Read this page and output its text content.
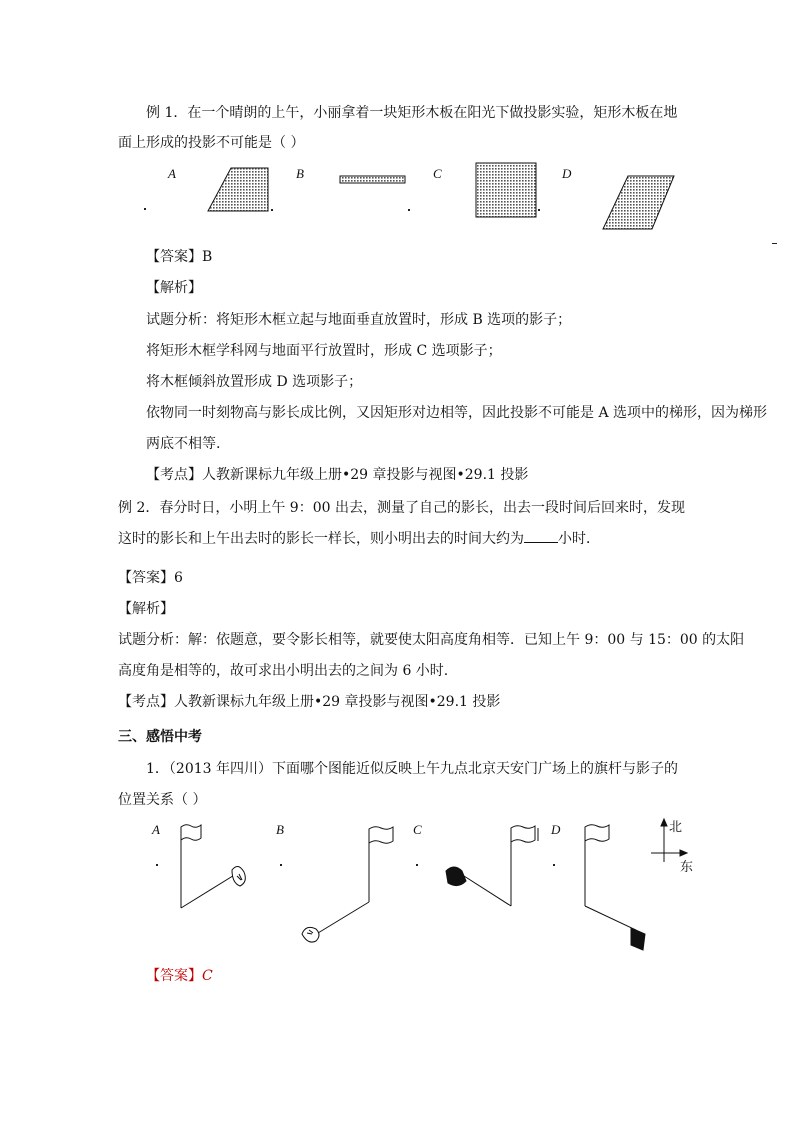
例 1．在一个晴朗的上午，小丽拿着一块矩形木板在阳光下做投影实验，矩形木板在地
面上形成的投影不可能是（ ）
A	B	C	D
【答案】B
【解析】
试题分析：将矩形木框立起与地面垂直放置时，形成 B 选项的影子；
将矩形木框学科网与地面平行放置时，形成 C 选项影子；
将木框倾斜放置形成 D 选项影子；
依物同一时刻物高与影长成比例，又因矩形对边相等，因此投影不可能是 A 选项中的梯形，因为梯形
两底不相等.
【考点】人教新课标九年级上册•29 章投影与视图•29.1 投影
例 2．春分时日，小明上午 9：00 出去，测量了自己的影长，出去一段时间后回来时，发现
这时的影长和上午出去时的影长一样长，则小明出去的时间大约为 小时．
【答案】6
【解析】
试题分析：解：依题意，要令影长相等，就要使太阳高度角相等．已知上午 9：00 与 15：00 的太阳
高度角是相等的，故可求出小明出去的之间为 6 小时.
【考点】人教新课标九年级上册•29 章投影与视图•29.1 投影
三、感悟中考
1．（2013 年四川）下面哪个图能近似反映上午九点北京天安门广场上的旗杆与影子的
位置关系（ ）
A	B	C	D	北
东
【答案】C
